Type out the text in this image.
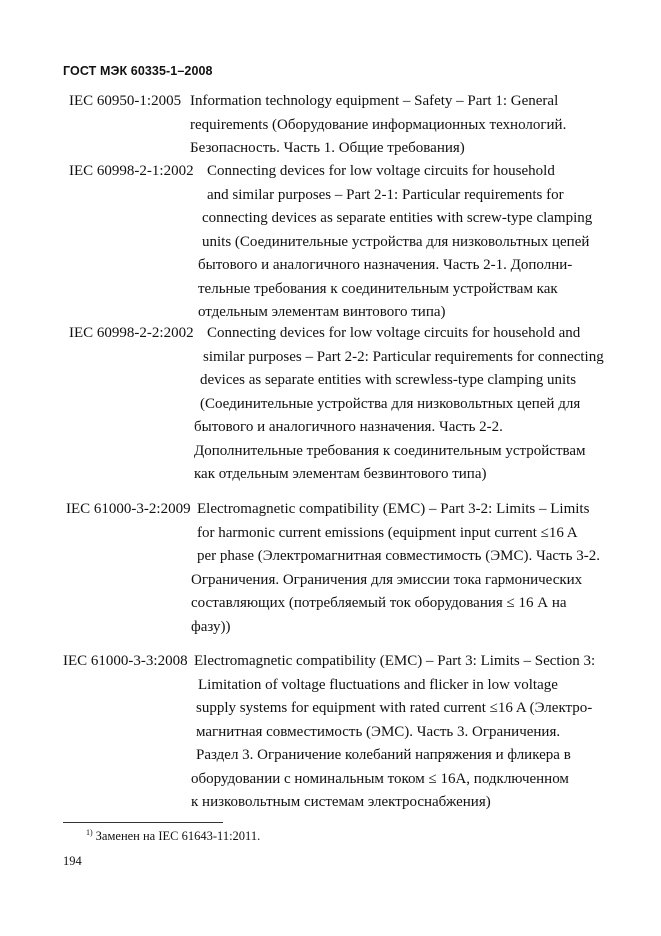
ГОСТ МЭК 60335-1–2008
IEC 60950-1:2005 Information technology equipment – Safety – Part 1: General
requirements (Оборудование информационных технологий.
Безопасность. Часть 1. Общие требования)
IEC 60998-2-1:2002 Connecting devices for low voltage circuits for household
and similar purposes – Part 2-1: Particular requirements for
connecting devices as separate entities with screw-type clamping
units (Соединительные устройства для низковольтных цепей
бытового и аналогичного назначения. Часть 2-1. Дополни-
тельные требования к соединительным устройствам как
отдельным элементам винтового типа)
IEC 60998-2-2:2002 Connecting devices for low voltage circuits for household and
similar purposes – Part 2-2: Particular requirements for connecting
devices as separate entities with screwless-type clamping units
(Соединительные устройства для низковольтных цепей для
бытового и аналогичного назначения. Часть 2-2.
Дополнительные требования к соединительным устройствам
как отдельным элементам безвинтового типа)
IEC 61000-3-2:2009 Electromagnetic compatibility (EMC) – Part 3-2: Limits – Limits
for harmonic current emissions (equipment input current ≤16 A
per phase (Электромагнитная совместимость (ЭМС). Часть 3-2.
Ограничения. Ограничения для эмиссии тока гармонических
составляющих (потребляемый ток оборудования ≤ 16 А на
фазу))
IEC 61000-3-3:2008 Electromagnetic compatibility (EMC) – Part 3: Limits – Section 3:
Limitation of voltage fluctuations and flicker in low voltage
supply systems for equipment with rated current ≤16 A (Электро-
магнитная совместимость (ЭМС). Часть 3. Ограничения.
Раздел 3. Ограничение колебаний напряжения и фликера в
оборудовании с номинальным током ≤ 16А, подключенном
к низковольтным системам электроснабжения)
$^{1)}$ Заменен на IEC 61643-11:2011.
194
